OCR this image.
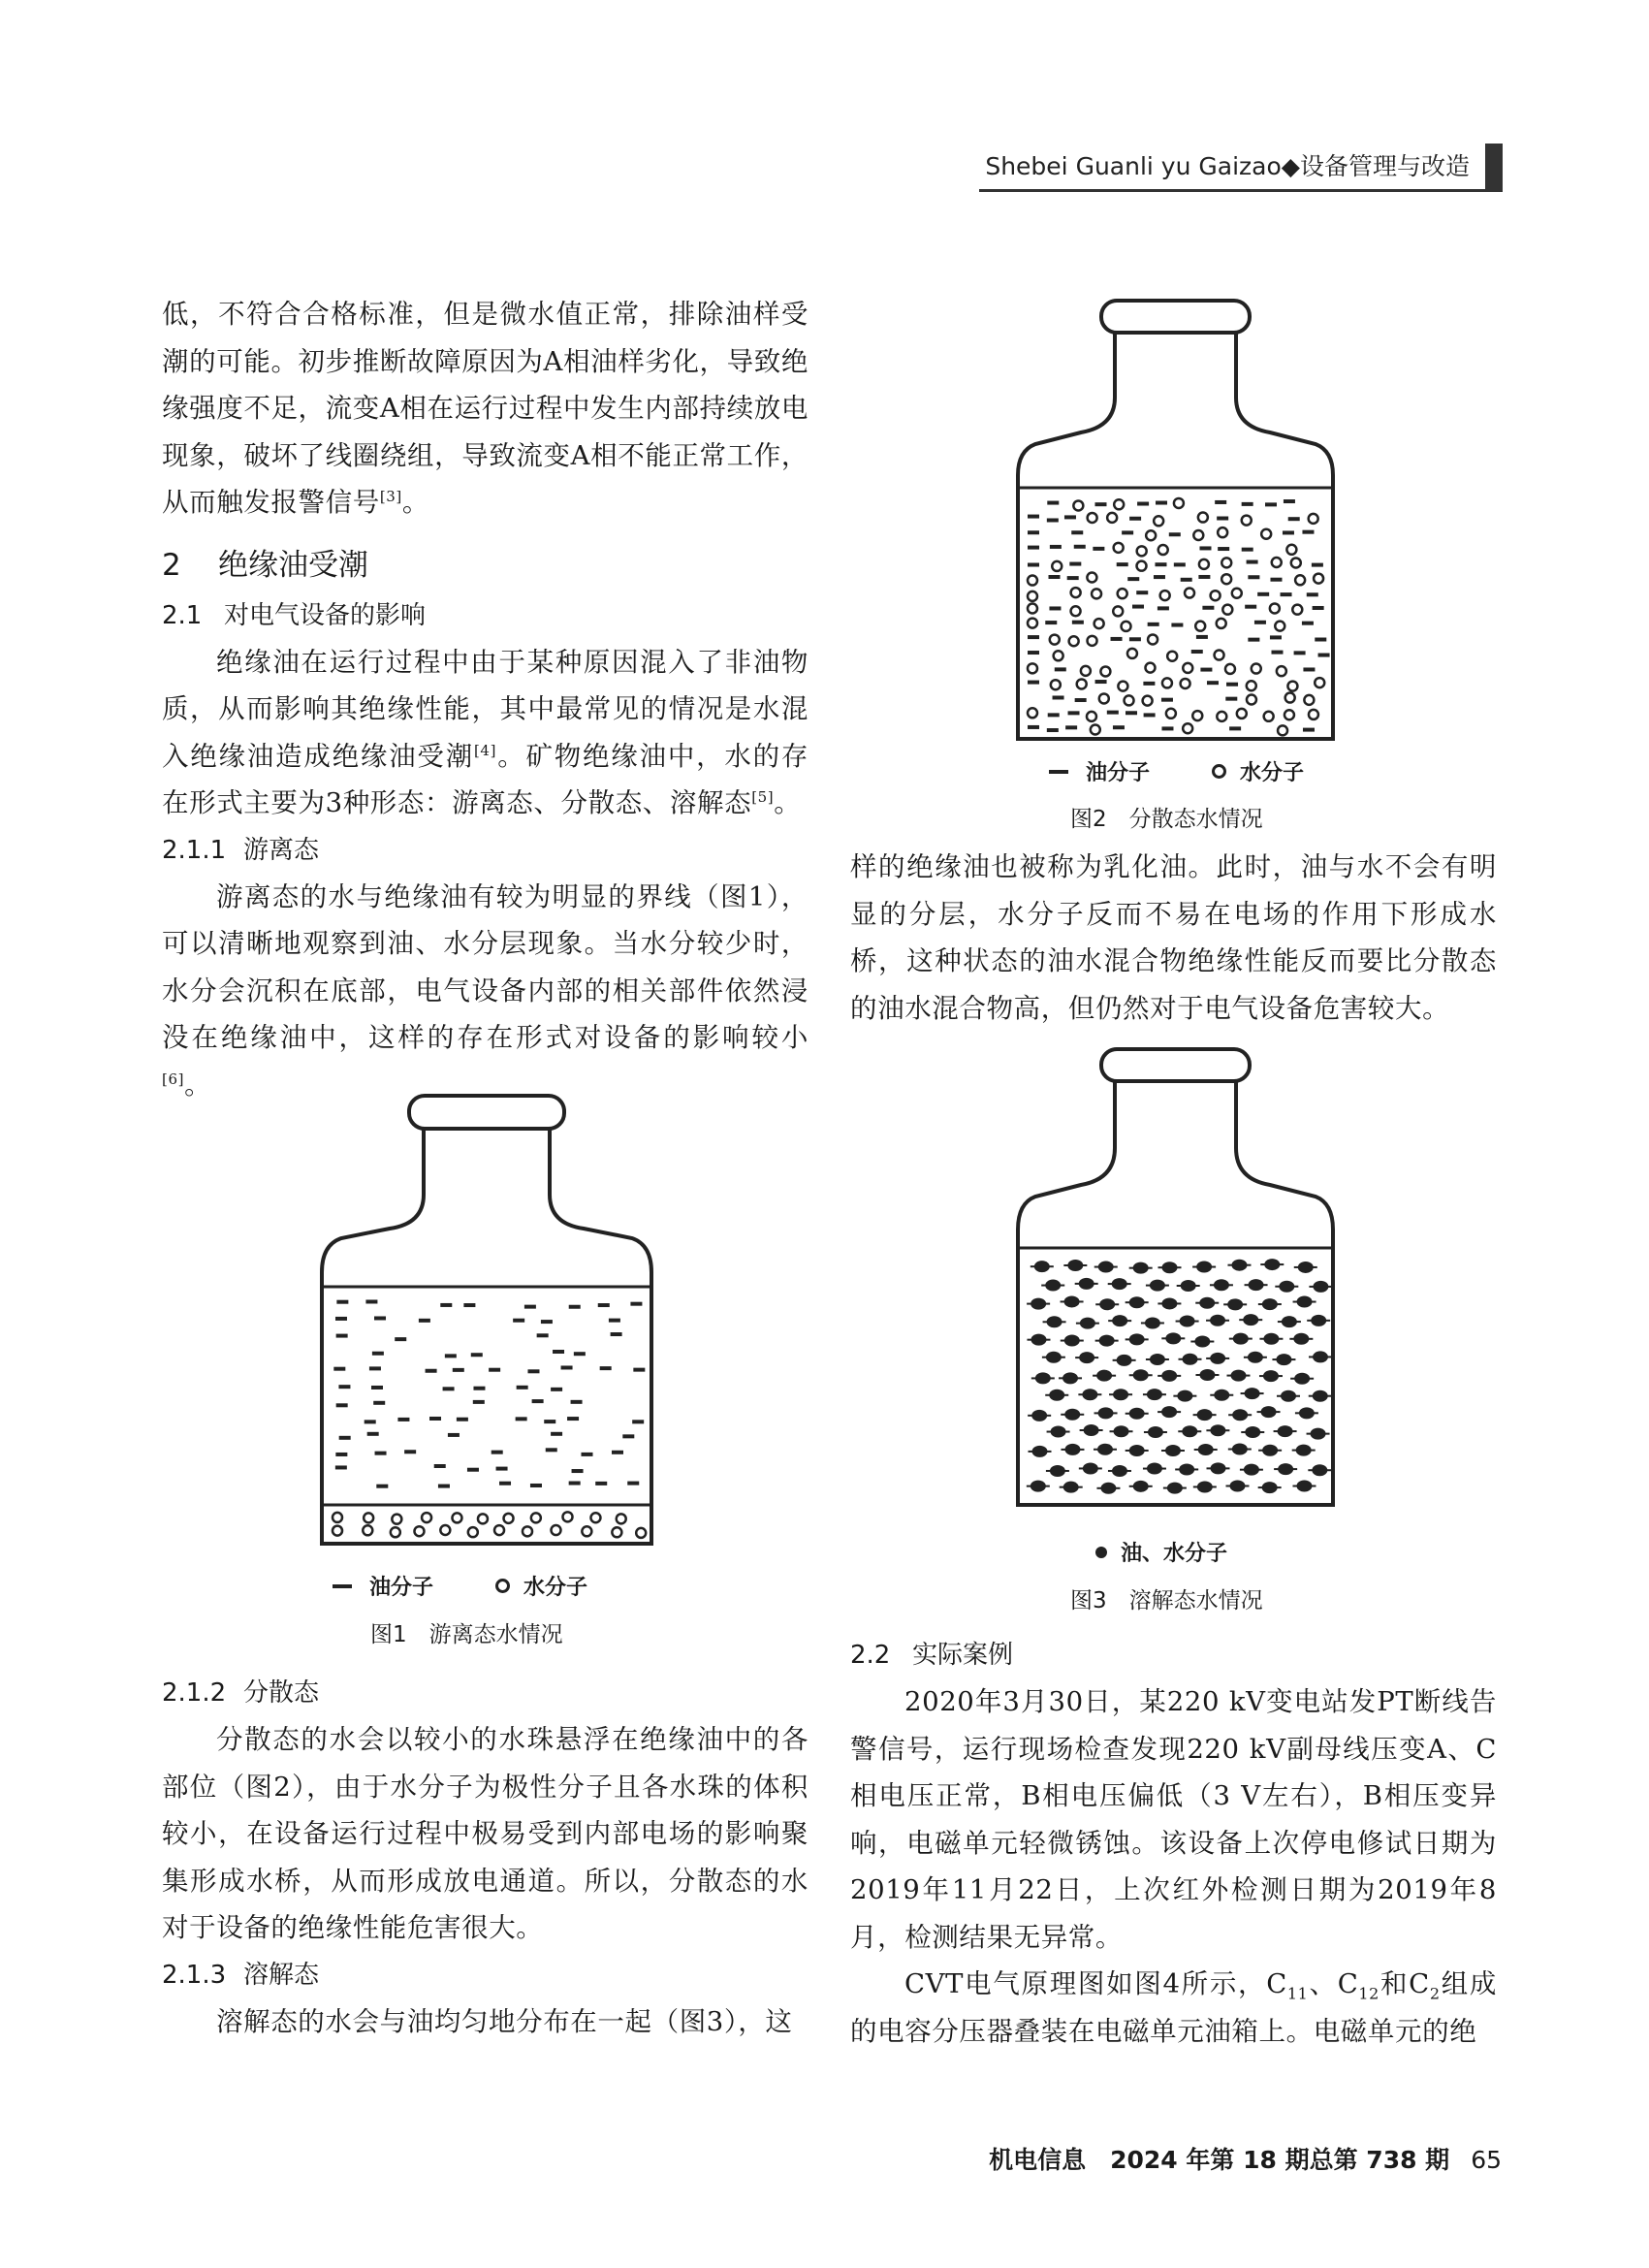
Shebei Guanli yu Gaizao◆设备管理与改造

低，不符合合格标准，但是微水值正常，排除油样受潮的可能。初步推断故障原因为A相油样劣化，导致绝缘强度不足，流变A相在运行过程中发生内部持续放电现象，破坏了线圈绕组，导致流变A相不能正常工作，从而触发报警信号[3]。

2 绝缘油受潮
2.1 对电气设备的影响

绝缘油在运行过程中由于某种原因混入了非油物质，从而影响其绝缘性能，其中最常见的情况是水混入绝缘油造成绝缘油受潮[4]。矿物绝缘油中，水的存在形式主要为3种形态：游离态、分散态、溶解态[5]。

2.1.1 游离态

游离态的水与绝缘油有较为明显的界线（图1），可以清晰地观察到油、水分层现象。当水分较少时，水分会沉积在底部，电气设备内部的相关部件依然浸没在绝缘油中，这样的存在形式对设备的影响较小[6]。

2.1.2 分散态

分散态的水会以较小的水珠悬浮在绝缘油中的各部位（图2），由于水分子为极性分子且各水珠的体积较小，在设备运行过程中极易受到内部电场的影响聚集形成水桥，从而形成放电通道。所以，分散态的水对于设备的绝缘性能危害很大。

2.1.3 溶解态

溶解态的水会与油均匀地分布在一起（图3），这

样的绝缘油也被称为乳化油。此时，油与水不会有明显的分层，水分子反而不易在电场的作用下形成水桥，这种状态的油水混合物绝缘性能反而要比分散态的油水混合物高，但仍然对于电气设备危害较大。

2.2 实际案例

2020年3月30日，某220 kV变电站发PT断线告警信号，运行现场检查发现220 kV副母线压变A、C相电压正常，B相电压偏低（3 V左右），B相压变异响，电磁单元轻微锈蚀。该设备上次停电修试日期为2019年11月22日，上次红外检测日期为2019年8月，检测结果无异常。

CVT电气原理图如图4所示，$C_{11}$、$C_{12}$和$C_2$组成的电容分压器叠装在电磁单元油箱上。电磁单元的绝

油分子	水分子
图1　游离态水情况
油分子	水分子
图2　分散态水情况
油、水分子
图3　溶解态水情况
机电信息　2024 年第 18 期总第 738 期 65
